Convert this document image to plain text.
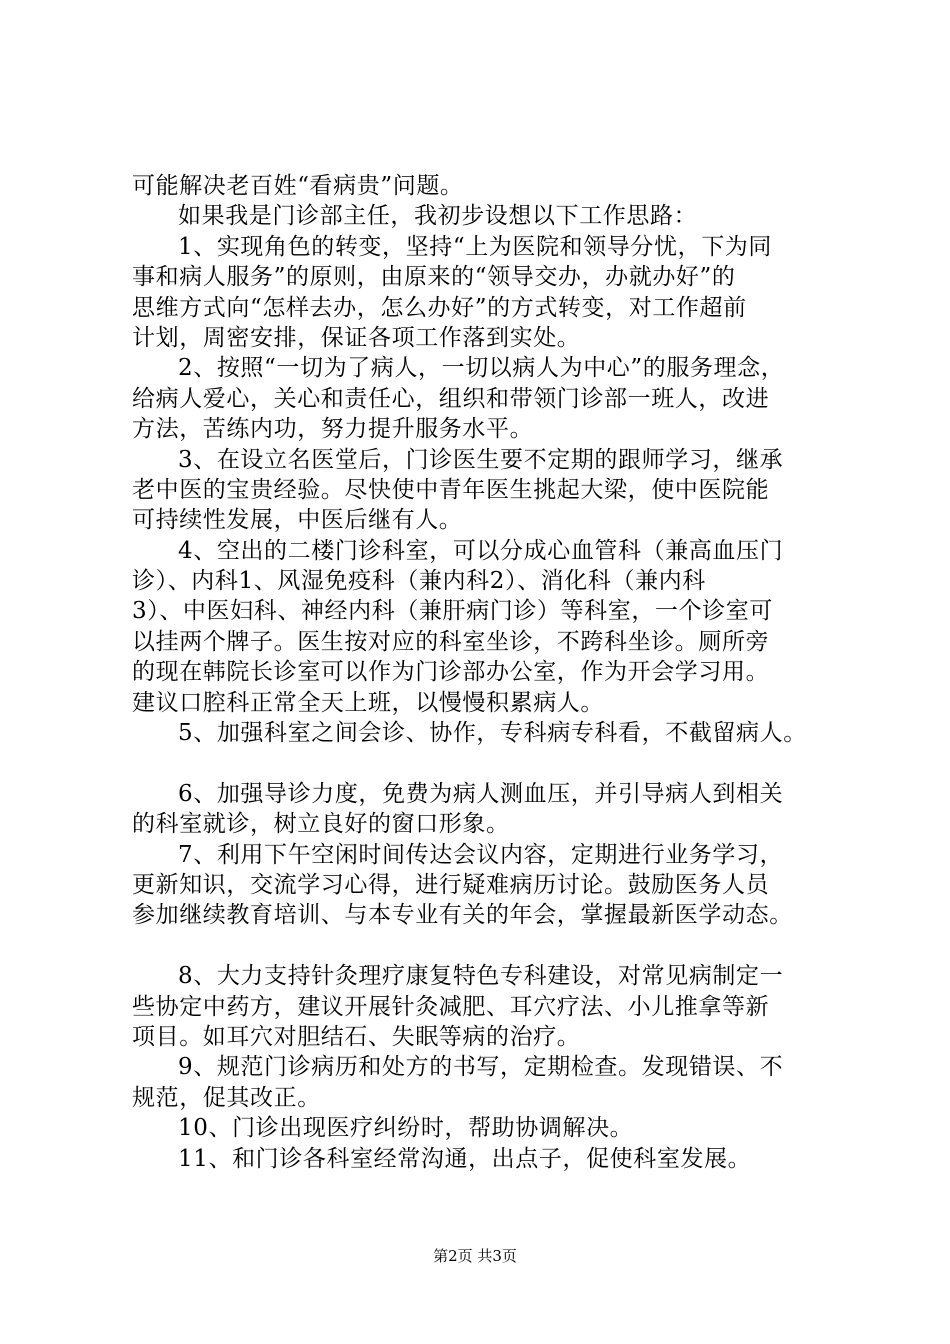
可能解决老百姓“看病贵”问题。
如果我是门诊部主任，我初步设想以下工作思路：
1、实现角色的转变，坚持“上为医院和领导分忧，下为同
事和病人服务”的原则，由原来的“领导交办，办就办好”的
思维方式向“怎样去办，怎么办好”的方式转变，对工作超前
计划，周密安排，保证各项工作落到实处。
2、按照“一切为了病人，一切以病人为中心”的服务理念，
给病人爱心，关心和责任心，组织和带领门诊部一班人，改进
方法，苦练内功，努力提升服务水平。
3、在设立名医堂后，门诊医生要不定期的跟师学习，继承
老中医的宝贵经验。尽快使中青年医生挑起大梁，使中医院能
可持续性发展，中医后继有人。
4、空出的二楼门诊科室，可以分成心血管科（兼高血压门
诊）、内科1、风湿免疫科（兼内科2）、消化科（兼内科
3）、中医妇科、神经内科（兼肝病门诊）等科室，一个诊室可
以挂两个牌子。医生按对应的科室坐诊，不跨科坐诊。厕所旁
的现在韩院长诊室可以作为门诊部办公室，作为开会学习用。
建议口腔科正常全天上班，以慢慢积累病人。
5、加强科室之间会诊、协作，专科病专科看，不截留病人。
6、加强导诊力度，免费为病人测血压，并引导病人到相关
的科室就诊，树立良好的窗口形象。
7、利用下午空闲时间传达会议内容，定期进行业务学习，
更新知识，交流学习心得，进行疑难病历讨论。鼓励医务人员
参加继续教育培训、与本专业有关的年会，掌握最新医学动态。
8、大力支持针灸理疗康复特色专科建设，对常见病制定一
些协定中药方，建议开展针灸减肥、耳穴疗法、小儿推拿等新
项目。如耳穴对胆结石、失眠等病的治疗。
9、规范门诊病历和处方的书写，定期检查。发现错误、不
规范，促其改正。
10、门诊出现医疗纠纷时，帮助协调解决。
11、和门诊各科室经常沟通，出点子，促使科室发展。
第2页 共3页
